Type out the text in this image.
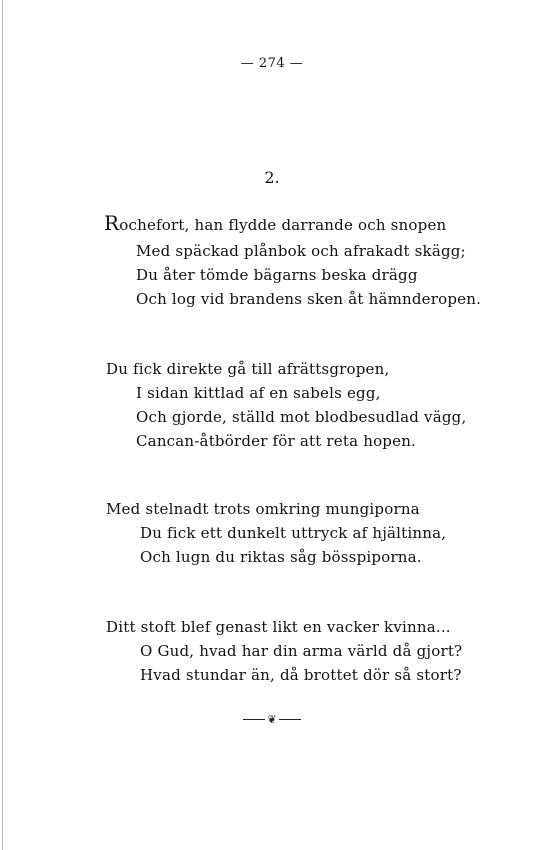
— 274 —
2.
Rochefort, han flydde darrande och snopen
Med späckad plånbok och afrakadt skägg;
Du åter tömde bägarns beska drägg
Och log vid brandens sken åt hämnderopen.
Du fick direkte gå till afrättsgropen,
I sidan kittlad af en sabels egg,
Och gjorde, ställd mot blodbesudlad vägg,
Cancan-åtbörder för att reta hopen.
Med stelnadt trots omkring mungiporna
Du fick ett dunkelt uttryck af hjältinna,
Och lugn du riktas såg bösspiporna.
Ditt stoft blef genast likt en vacker kvinna...
O Gud, hvad har din arma värld då gjort?
Hvad stundar än, då brottet dör så stort?
❦
